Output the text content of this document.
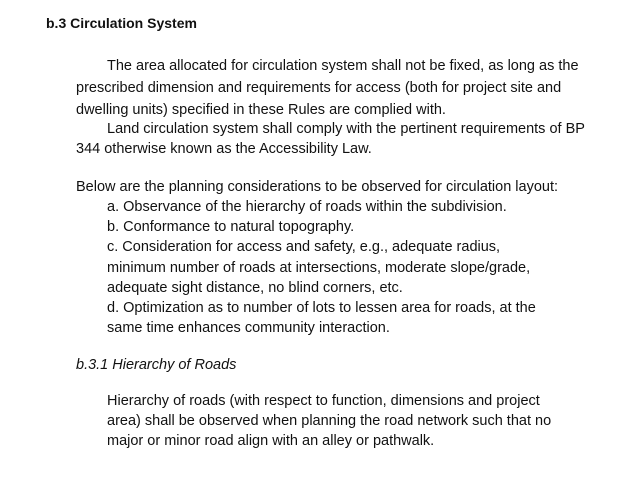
b.3 Circulation System
The area allocated for circulation system shall not be fixed, as long as the
prescribed dimension and requirements for access (both for project site and
dwelling units) specified in these Rules are complied with.
Land circulation system shall comply with the pertinent requirements of BP
344 otherwise known as the Accessibility Law.
Below are the planning considerations to be observed for circulation layout:
a. Observance of the hierarchy of roads within the subdivision.
b. Conformance to natural topography.
c. Consideration for access and safety, e.g., adequate radius,
minimum number of roads at intersections, moderate slope/grade,
adequate sight distance, no blind corners, etc.
d. Optimization as to number of lots to lessen area for roads, at the
same time enhances community interaction.
b.3.1 Hierarchy of Roads
Hierarchy of roads (with respect to function, dimensions and project
area) shall be observed when planning the road network such that no
major or minor road align with an alley or pathwalk.
